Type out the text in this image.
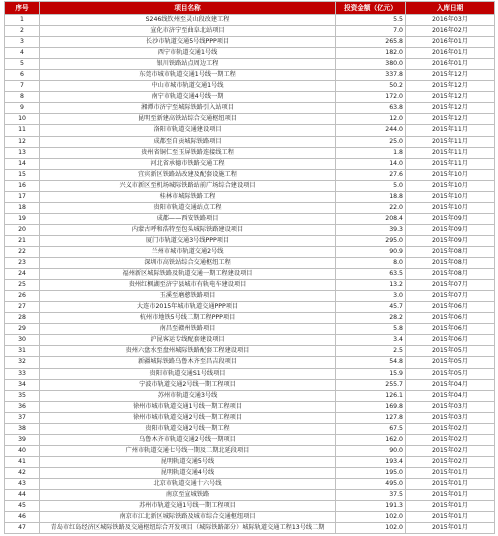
序号	项目名称	投资金额（亿元）	入库日期
1	S246线钦州至灵山段改建工程	5.5	2016年03月
2	宣化市济宁至曲阜北站项目	7.0	2016年02月
3	长沙市轨道交通5号线PPP项目	265.8	2016年01月
4	西宁市轨道交通1号线	182.0	2016年01月
5	银川铁路站点周边工程	380.0	2016年01月
6	东莞市城市轨道交通1号线一期工程	337.8	2015年12月
7	中山市城市轨道交通1号线	50.2	2015年12月
8	南宁市轨道交通4号线一期	172.0	2015年12月
9	湘潭市济宁至城际铁路引入站项目	63.8	2015年12月
10	昆明至新建高铁站综合交通枢纽项目	12.0	2015年12月
11	洛阳市轨道交通建设项目	244.0	2015年11月
12	成都至自贡城际铁路项目	25.0	2015年11月
13	贵州省铜仁至玉屏铁路连接线工程	1.8	2015年11月
14	河北省承德市铁路交通工程	14.0	2015年11月
15	宜宾新区铁路站改建及配套设施工程	27.6	2015年10月
16	兴义市新区至机场城际铁路站前广场综合建设项目	5.0	2015年10月
17	桂林市城际铁路工程	18.8	2015年10月
18	贵阳市轨道交通站点工程	22.0	2015年10月
19	成都——西安铁路项目	208.4	2015年09月
20	内蒙古呼和浩特至包头城际铁路建设项目	39.3	2015年09月
21	厦门市轨道交通3号线PPP项目	295.0	2015年09月
22	兰州市城市轨道交通2号线	90.9	2015年08月
23	深圳市高铁站综合交通枢纽工程	8.0	2015年08月
24	福州新区城际铁路及轨道交通一期工程建设项目	63.5	2015年08月
25	贵州红枫湖至济宁县城市有轨电车建设项目	13.2	2015年07月
26	玉溪至磨憨铁路项目	3.0	2015年07月
27	大连市2015年城市轨道交通PPP项目	45.7	2015年06月
28	杭州市地铁5号线二期工程PPP项目	28.2	2015年06月
29	南昌至赣州铁路项目	5.8	2015年06月
30	沪昆客运专线配套建设项目	3.4	2015年06月
31	贵州六盘水至盘州城际铁路配套工程建设项目	2.5	2015年05月
32	新疆城际铁路乌鲁木齐至昌吉段项目	54.8	2015年05月
33	贵阳市轨道交通S1号线项目	15.9	2015年05月
34	宁波市轨道交通2号线一期工程项目	255.7	2015年04月
35	苏州市轨道交通3号线	126.1	2015年04月
36	徐州市城市轨道交通1号线一期工程项目	169.8	2015年03月
37	徐州市城市轨道交通2号线一期工程项目	127.8	2015年03月
38	贵阳市轨道交通2号线一期工程	67.5	2015年02月
39	乌鲁木齐市轨道交通2号线一期项目	162.0	2015年02月
40	广州市轨道交通七号线一期及二期北延段项目	90.0	2015年02月
41	昆明轨道交通5号线	193.4	2015年02月
42	昆明轨道交通4号线	195.0	2015年01月
43	北京市轨道交通十六号线	495.0	2015年01月
44	南京至宣城铁路	37.5	2015年01月
45	苏州市轨道交通1号线一期工程项目	191.3	2015年01月
46	南京市江北新区城际铁路及城市综合交通枢纽项目	102.0	2015年01月
47	青岛市红岛经济区城际铁路及交通枢纽综合开发项目（城际铁路部分）城际轨道交通工程13号线二期	102.0	2015年01月
